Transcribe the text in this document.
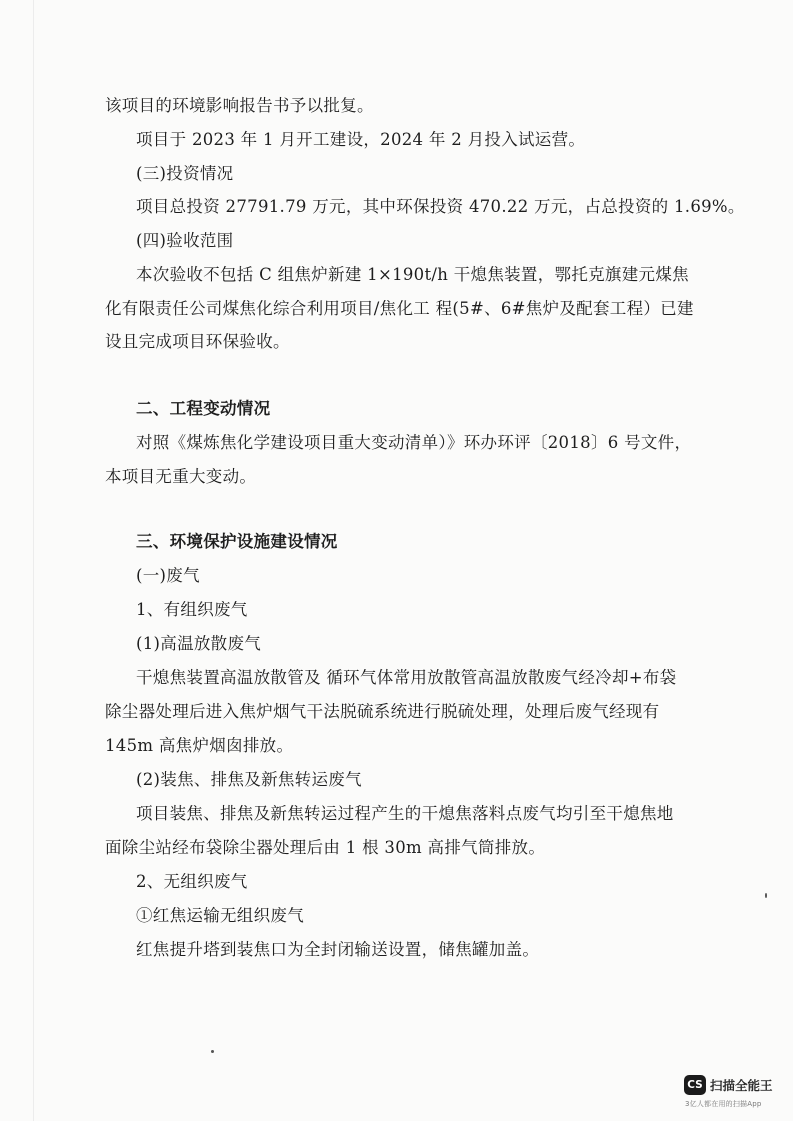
该项目的环境影响报告书予以批复。
项目于 2023 年 1 月开工建设，2024 年 2 月投入试运营。
(三)投资情况
项目总投资 27791.79 万元，其中环保投资 470.22 万元，占总投资的 1.69%。
(四)验收范围
本次验收不包括 C 组焦炉新建 1×190t/h 干熄焦装置，鄂托克旗建元煤焦
化有限责任公司煤焦化综合利用项目/焦化工 程(5#、6#焦炉及配套工程）已建
设且完成项目环保验收。
二、工程变动情况
对照《煤炼焦化学建设项目重大变动清单）》环办环评〔2018〕6 号文件，
本项目无重大变动。
三、环境保护设施建设情况
(一)废气
1、有组织废气
(1)高温放散废气
干熄焦装置高温放散管及 循环气体常用放散管高温放散废气经冷却+布袋
除尘器处理后进入焦炉烟气干法脱硫系统进行脱硫处理，处理后废气经现有
145m 高焦炉烟囱排放。
(2)装焦、排焦及新焦转运废气
项目装焦、排焦及新焦转运过程产生的干熄焦落料点废气均引至干熄焦地
面除尘站经布袋除尘器处理后由 1 根 30m 高排气筒排放。
2、无组织废气
①红焦运输无组织废气
红焦提升塔到装焦口为全封闭输送设置，储焦罐加盖。
CS 扫描全能王
3亿人都在用的扫描App
